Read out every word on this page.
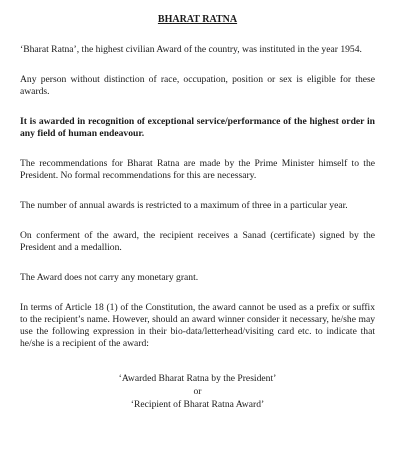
BHARAT RATNA

‘Bharat Ratna’, the highest civilian Award of the country, was instituted in the year 1954.

Any person without distinction of race, occupation, position or sex is eligible for these awards.

It is awarded in recognition of exceptional service/performance of the highest order in any field of human endeavour.

The recommendations for Bharat Ratna are made by the Prime Minister himself to the President. No formal recommendations for this are necessary.

The number of annual awards is restricted to a maximum of three in a particular year.

On conferment of the award, the recipient receives a Sanad (certificate) signed by the President and a medallion.

The Award does not carry any monetary grant.

In terms of Article 18 (1) of the Constitution, the award cannot be used as a prefix or suffix to the recipient’s name. However, should an award winner consider it necessary, he/she may use the following expression in their bio-data/letterhead/visiting card etc. to indicate that he/she is a recipient of the award:

‘Awarded Bharat Ratna by the President’

or

‘Recipient of Bharat Ratna Award’
